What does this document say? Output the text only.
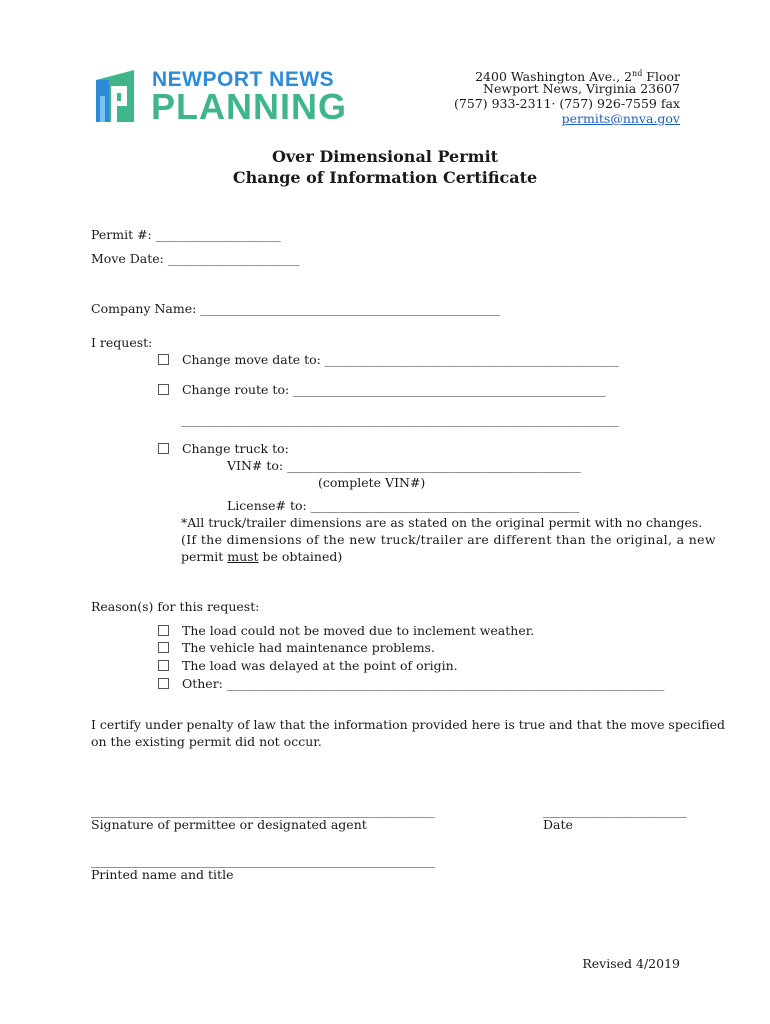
NEWPORT NEWS
PLANNING
2400 Washington Ave., 2nd Floor
Newport News, Virginia 23607
(757) 933-2311· (757) 926-7559 fax
permits@nnva.gov
Over Dimensional Permit
Change of Information Certificate
Permit #: ____________________
Move Date: _____________________
Company Name: ________________________________________________
I request:
Change move date to: _______________________________________________
Change route to: __________________________________________________
______________________________________________________________________
Change truck to:
VIN# to: _______________________________________________
(complete VIN#)
License# to: ___________________________________________
*All truck/trailer dimensions are as stated on the original permit with no changes.
(If the dimensions of the new truck/trailer are different than the original, a new
permit must be obtained)
Reason(s) for this request:
The load could not be moved due to inclement weather.
The vehicle had maintenance problems.
The load was delayed at the point of origin.
Other: ______________________________________________________________________
I certify under penalty of law that the information provided here is true and that the move specified
on the existing permit did not occur.
_______________________________________________________
Signature of permittee or designated agent
_______________________
Date
_______________________________________________________
Printed name and title
Revised 4/2019
